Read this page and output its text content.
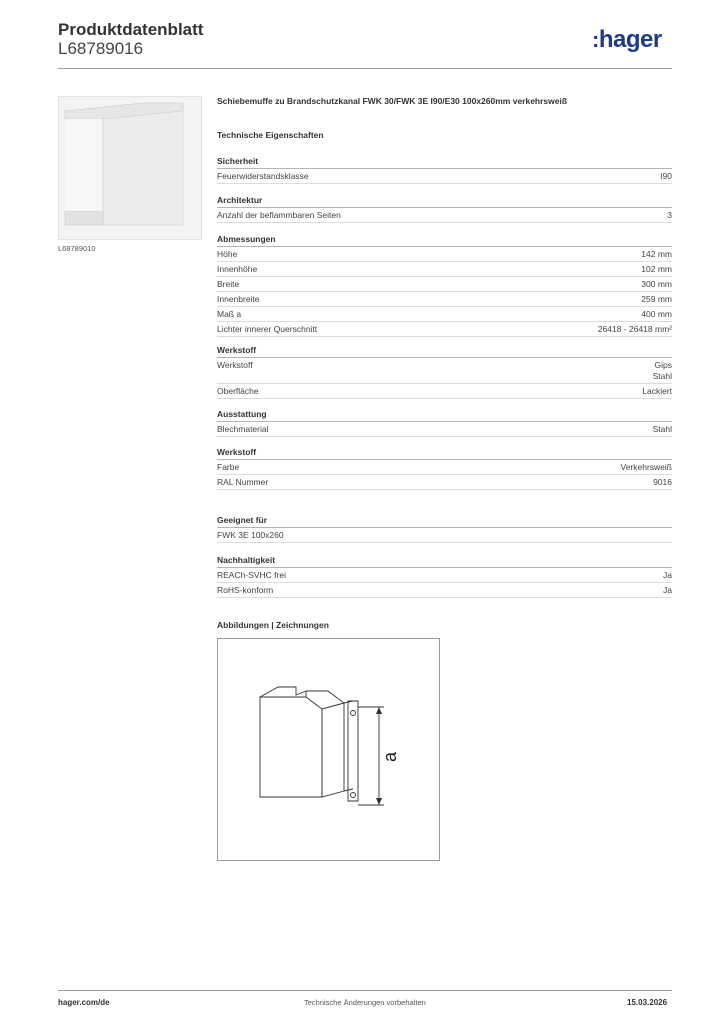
Produktdatenblatt
L68789016	:hager
L68789010
Schiebemuffe zu Brandschutzkanal FWK 30/FWK 3E I90/E30 100x260mm verkehrsweiß
Technische Eigenschaften
Sicherheit
Feuerwiderstandsklasse	I90
Architektur
Anzahl der beflammbaren Seiten	3
Abmessungen
Höhe	142 mm
Innenhöhe	102 mm
Breite	300 mm
Innenbreite	259 mm
Maß a	400 mm
Lichter innerer Querschnitt	26418 - 26418 mm²
Werkstoff
Werkstoff	Gips
Stahl
Oberfläche	Lackiert
Ausstattung
Blechmaterial	Stahl
Werkstoff
Farbe	Verkehrsweiß
RAL Nummer	9016
Geeignet für
FWK 3E 100x260
Nachhaltigkeit
REACh-SVHC frei	Ja
RoHS-konform	Ja
Abbildungen | Zeichnungen
a
hager.com/de	Technische Änderungen vorbehalten	15.03.2026
